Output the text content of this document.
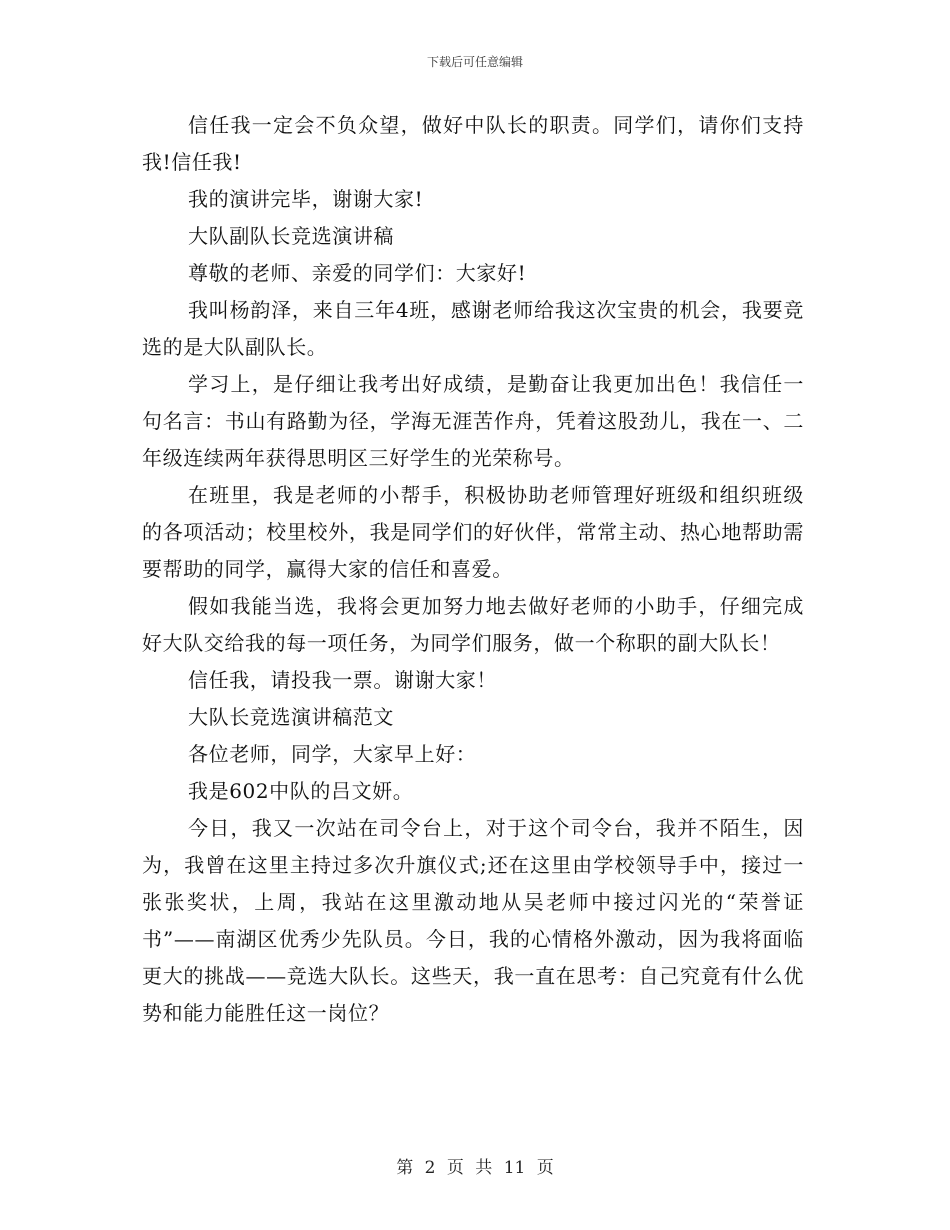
下载后可任意编辑

信任我一定会不负众望，做好中队长的职责。同学们，请你们支持我!信任我!

我的演讲完毕，谢谢大家!

大队副队长竞选演讲稿

尊敬的老师、亲爱的同学们：大家好!

我叫杨韵泽，来自三年4班，感谢老师给我这次宝贵的机会，我要竞选的是大队副队长。

学习上，是仔细让我考出好成绩，是勤奋让我更加出色！我信任一句名言：书山有路勤为径，学海无涯苦作舟，凭着这股劲儿，我在一、二年级连续两年获得思明区三好学生的光荣称号。

在班里，我是老师的小帮手，积极协助老师管理好班级和组织班级的各项活动；校里校外，我是同学们的好伙伴，常常主动、热心地帮助需要帮助的同学，赢得大家的信任和喜爱。

假如我能当选，我将会更加努力地去做好老师的小助手，仔细完成好大队交给我的每一项任务，为同学们服务，做一个称职的副大队长！

信任我，请投我一票。谢谢大家！

大队长竞选演讲稿范文

各位老师，同学，大家早上好：

我是602中队的吕文妍。

今日，我又一次站在司令台上，对于这个司令台，我并不陌生，因为，我曾在这里主持过多次升旗仪式;还在这里由学校领导手中，接过一张张奖状，上周，我站在这里激动地从吴老师中接过闪光的“荣誉证书”——南湖区优秀少先队员。今日，我的心情格外激动，因为我将面临更大的挑战——竞选大队长。这些天，我一直在思考：自己究竟有什么优势和能力能胜任这一岗位？

第 2 页 共 11 页
